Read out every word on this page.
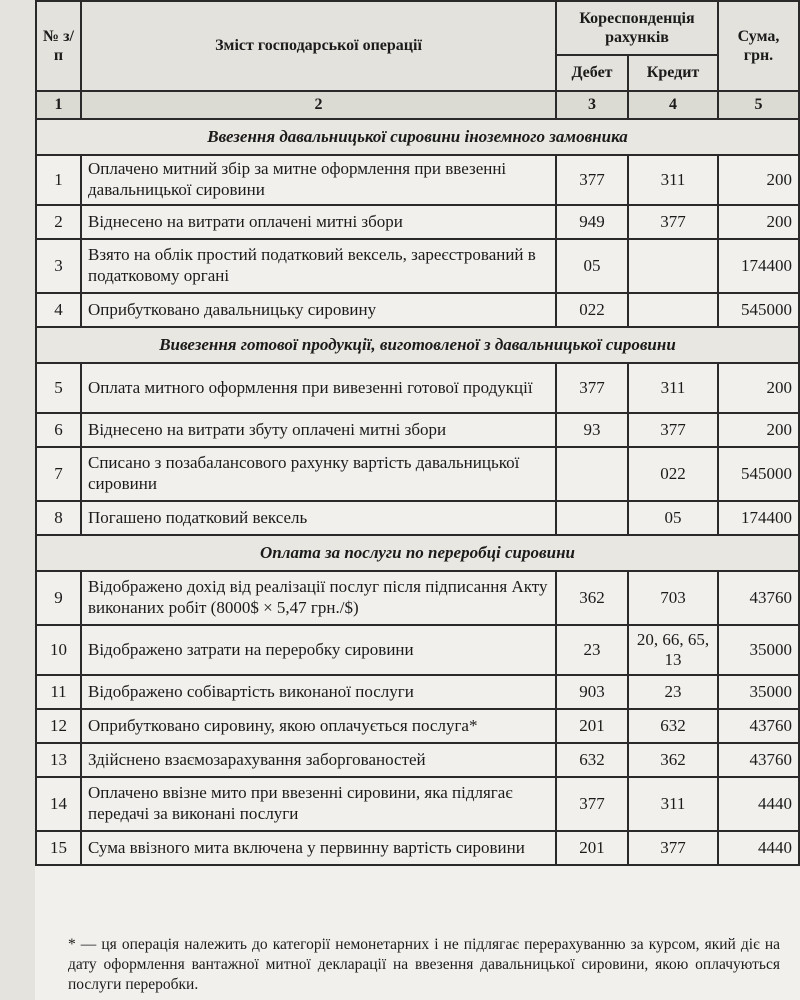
№ з/п	Зміст господарської операції	Кореспонденція рахунків		Сума, грн.
		Дебет	Кредит	
1	2	3	4	5
Ввезення давальницької сировини іноземного замовника				
1	Оплачено митний збір за митне оформлення при ввезенні давальницької сировини	377	311	200
2	Віднесено на витрати оплачені митні збори	949	377	200
3	Взято на облік простий податковий вексель, зареєстрований в податковому органі	05		174400
4	Оприбутковано давальницьку сировину	022		545000
Вивезення готової продукції, виготовленої з давальницької сировини				
5	Оплата митного оформлення при вивезенні готової продукції	377	311	200
6	Віднесено на витрати збуту оплачені митні збори	93	377	200
7	Списано з позабалансового рахунку вартість давальницької сировини		022	545000
8	Погашено податковий вексель		05	174400
Оплата за послуги по переробці сировини				
9	Відображено дохід від реалізації послуг після підписання Акту виконаних робіт (8000$ × 5,47 грн./$)	362	703	43760
10	Відображено затрати на переробку сировини	23	20, 66, 65, 13	35000
11	Відображено собівартість виконаної послуги	903	23	35000
12	Оприбутковано сировину, якою оплачується послуга*	201	632	43760
13	Здійснено взаємозарахування заборгованостей	632	362	43760
14	Оплачено ввізне мито при ввезенні сировини, яка підлягає передачі за виконані послуги	377	311	4440
15	Сума ввізного мита включена у первинну вартість сировини	201	377	4440
* — ця операція належить до категорії немонетарних і не підлягає перерахуванню за курсом, який діє на дату оформлення вантажної митної декларації на ввезення давальницької сировини, якою оплачуються послуги переробки.
